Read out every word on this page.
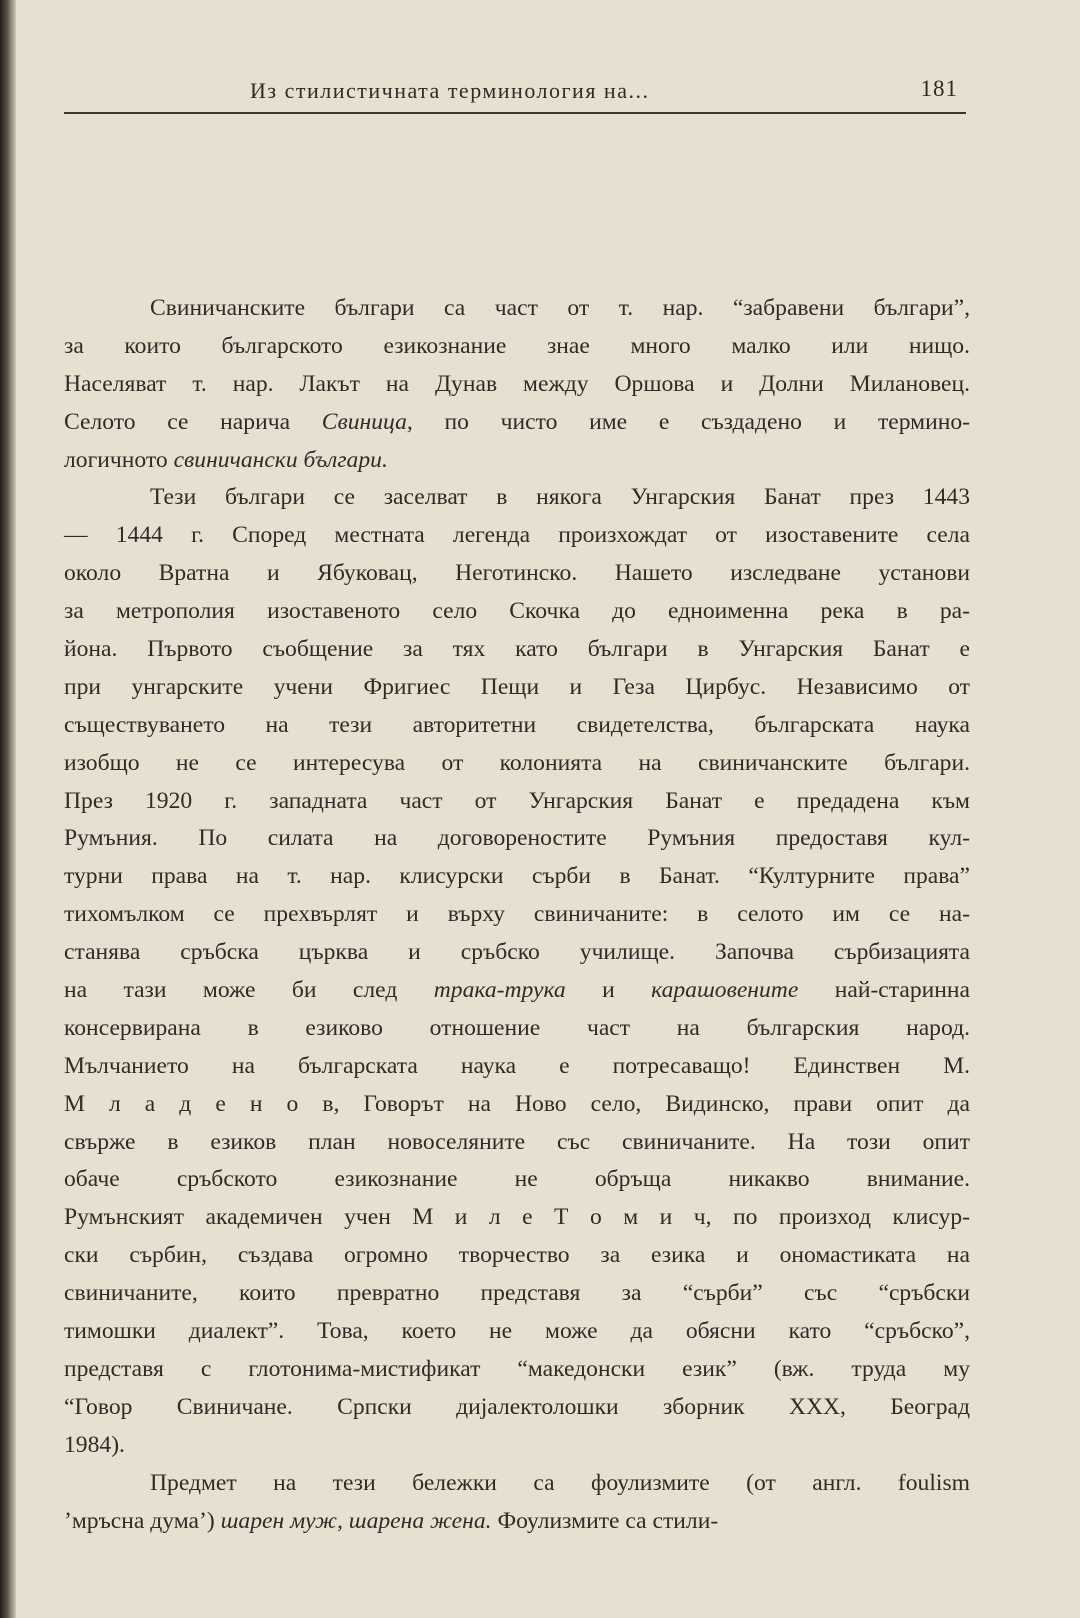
Из стилистичната терминология на...	181
Свиничанските българи са част от т. нар. “забравени българи”,
за които българското езикознание знае много малко или нищо.
Населяват т. нар. Лакът на Дунав между Оршова и Долни Милановец.
Селото се нарича Свиница, по чисто име е създадено и термино-
логичното свиничански българи.
Тези българи се заселват в някога Унгарския Банат през 1443
— 1444 г. Според местната легенда произхождат от изоставените села
около Вратна и Ябуковац, Неготинско. Нашето изследване установи
за метрополия изоставеното село Скочка до едноименна река в ра-
йона. Първото съобщение за тях като българи в Унгарския Банат е
при унгарските учени Фригиес Пещи и Геза Цирбус. Независимо от
съществуването на тези авторитетни свидетелства, българската наука
изобщо не се интересува от колонията на свиничанските българи.
През 1920 г. западната част от Унгарския Банат е предадена към
Румъния. По силата на договореностите Румъния предоставя кул-
турни права на т. нар. клисурски сърби в Банат. “Културните права”
тихомълком се прехвърлят и върху свиничаните: в селото им се на-
станява сръбска църква и сръбско училище. Започва сърбизацията
на тази може би след трака-трука и карашовените най-старинна
консервирана в езиково отношение част на българския народ.
Мълчанието на българската наука е потресаващо! Единствен М.
М л а д е н о в, Говорът на Ново село, Видинско, прави опит да
свърже в езиков план новоселяните със свиничаните. На този опит
обаче сръбското езикознание не обръща никакво внимание.
Румънският академичен учен М и л е Т о м и ч, по произход клисур-
ски сърбин, създава огромно творчество за езика и ономастиката на
свиничаните, които превратно представя за “сърби” със “сръбски
тимошки диалект”. Това, което не може да обясни като “сръбско”,
представя с глотонима-мистификат “македонски език” (вж. труда му
“Говор Свиничане. Српски дијалектолошки зборник XXX, Београд
1984).
Предмет на тези бележки са фоулизмите (от англ. foulism
’мръсна дума’) шарен муж, шарена жена. Фоулизмите са стили-
